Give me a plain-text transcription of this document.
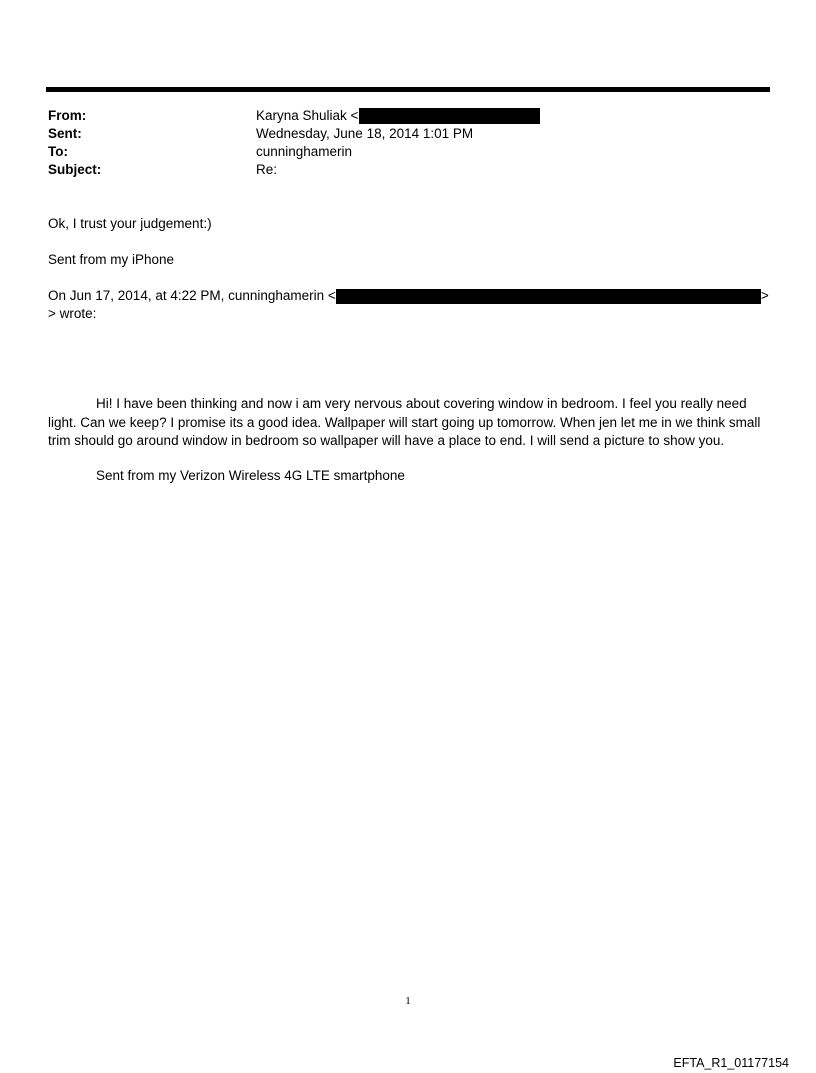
From:	Karyna Shuliak <
Sent:	Wednesday, June 18, 2014 1:01 PM
To:	cunninghamerin
Subject:	Re:
Ok, I trust your judgement:)
Sent from my iPhone
On Jun 17, 2014, at 4:22 PM, cunninghamerin <	>
> wrote:
Hi! I have been thinking and now i am very nervous about covering window in bedroom. I feel you really need light. Can we keep? I promise its a good idea. Wallpaper will start going up tomorrow. When jen let me in we think small trim should go around window in bedroom so wallpaper will have a place to end. I will send a picture to show you.
Sent from my Verizon Wireless 4G LTE smartphone
1
EFTA_R1_01177154
